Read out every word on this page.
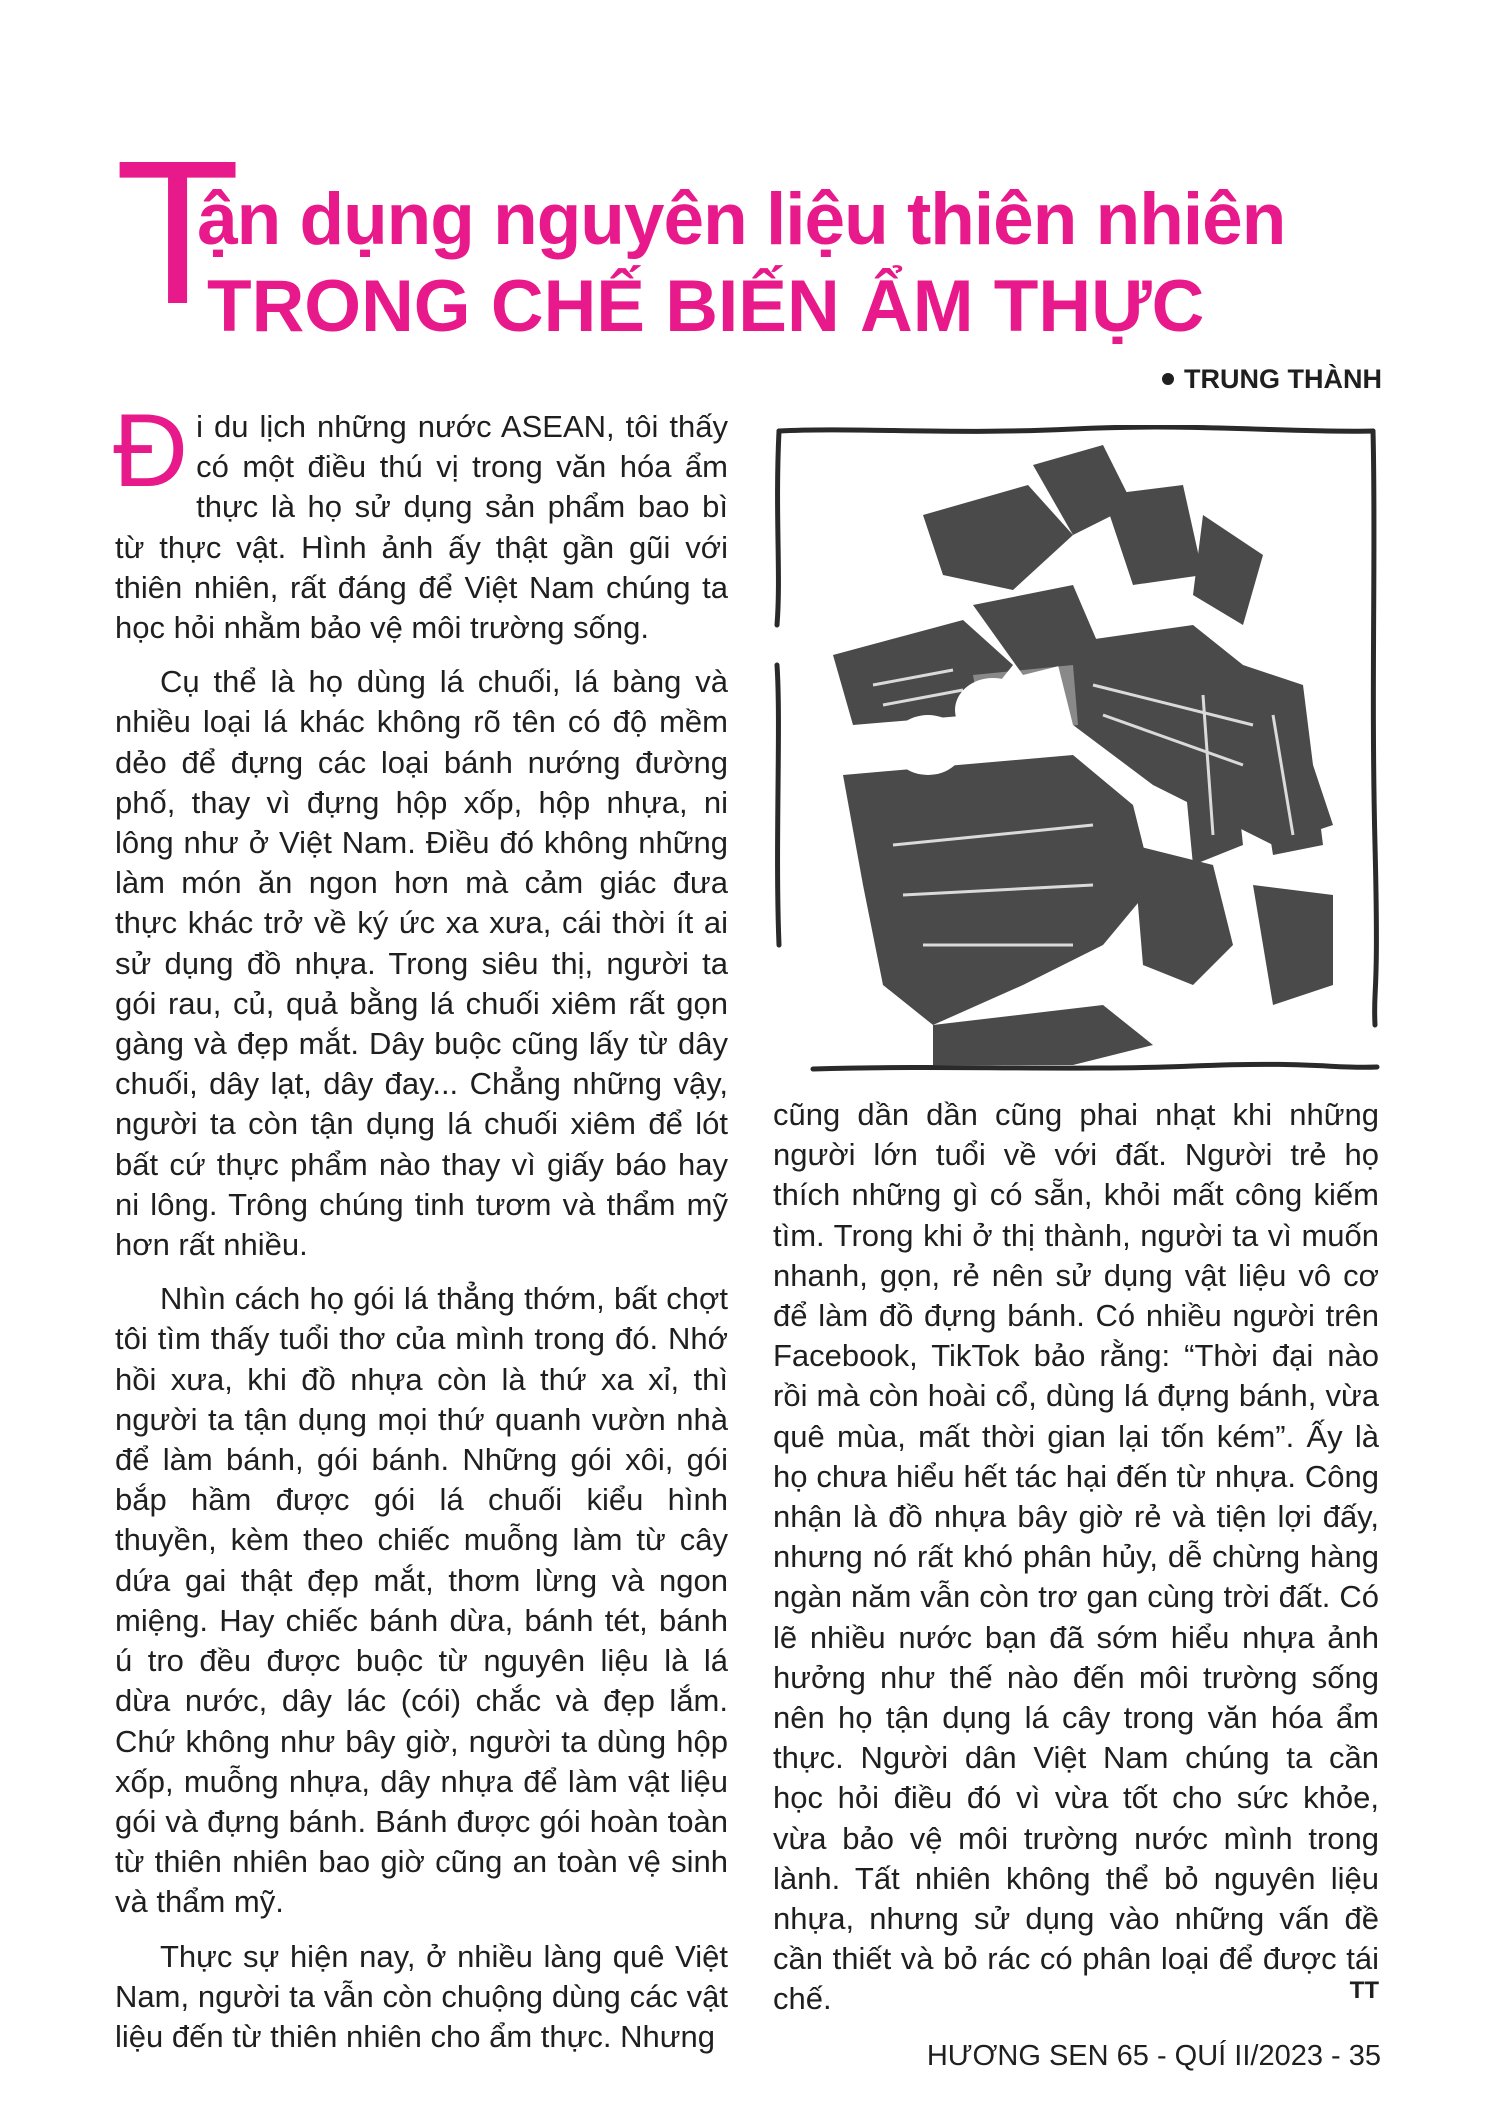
T
ận dụng nguyên liệu thiên nhiên
TRONG CHẾ BIẾN ẨM THỰC
TRUNG THÀNH

Đ i du lịch những nước ASEAN, tôi thấy có một điều thú vị trong văn hóa ẩm thực là họ sử dụng sản phẩm bao bì từ thực vật. Hình ảnh ấy thật gần gũi với thiên nhiên, rất đáng để Việt Nam chúng ta học hỏi nhằm bảo vệ môi trường sống.

Cụ thể là họ dùng lá chuối, lá bàng và nhiều loại lá khác không rõ tên có độ mềm dẻo để đựng các loại bánh nướng đường phố, thay vì đựng hộp xốp, hộp nhựa, ni lông như ở Việt Nam. Điều đó không những làm món ăn ngon hơn mà cảm giác đưa thực khác trở về ký ức xa xưa, cái thời ít ai sử dụng đồ nhựa. Trong siêu thị, người ta gói rau, củ, quả bằng lá chuối xiêm rất gọn gàng và đẹp mắt. Dây buộc cũng lấy từ dây chuối, dây lạt, dây đay... Chẳng những vậy, người ta còn tận dụng lá chuối xiêm để lót bất cứ thực phẩm nào thay vì giấy báo hay ni lông. Trông chúng tinh tươm và thẩm mỹ hơn rất nhiều.

Nhìn cách họ gói lá thẳng thớm, bất chợt tôi tìm thấy tuổi thơ của mình trong đó. Nhớ hồi xưa, khi đồ nhựa còn là thứ xa xỉ, thì người ta tận dụng mọi thứ quanh vườn nhà để làm bánh, gói bánh. Những gói xôi, gói bắp hầm được gói lá chuối kiểu hình thuyền, kèm theo chiếc muỗng làm từ cây dứa gai thật đẹp mắt, thơm lừng và ngon miệng. Hay chiếc bánh dừa, bánh tét, bánh ú tro đều được buộc từ nguyên liệu là lá dừa nước, dây lác (cói) chắc và đẹp lắm. Chứ không như bây giờ, người ta dùng hộp xốp, muỗng nhựa, dây nhựa để làm vật liệu gói và đựng bánh. Bánh được gói hoàn toàn từ thiên nhiên bao giờ cũng an toàn vệ sinh và thẩm mỹ.

Thực sự hiện nay, ở nhiều làng quê Việt Nam, người ta vẫn còn chuộng dùng các vật liệu đến từ thiên nhiên cho ẩm thực. Nhưng

cũng dần dần cũng phai nhạt khi những người lớn tuổi về với đất. Người trẻ họ thích những gì có sẵn, khỏi mất công kiếm tìm. Trong khi ở thị thành, người ta vì muốn nhanh, gọn, rẻ nên sử dụng vật liệu vô cơ để làm đồ đựng bánh. Có nhiều người trên Facebook, TikTok bảo rằng: “Thời đại nào rồi mà còn hoài cổ, dùng lá đựng bánh, vừa quê mùa, mất thời gian lại tốn kém”. Ấy là họ chưa hiểu hết tác hại đến từ nhựa. Công nhận là đồ nhựa bây giờ rẻ và tiện lợi đấy, nhưng nó rất khó phân hủy, dễ chừng hàng ngàn năm vẫn còn trơ gan cùng trời đất. Có lẽ nhiều nước bạn đã sớm hiểu nhựa ảnh hưởng như thế nào đến môi trường sống nên họ tận dụng lá cây trong văn hóa ẩm thực. Người dân Việt Nam chúng ta cần học hỏi điều đó vì vừa tốt cho sức khỏe, vừa bảo vệ môi trường nước mình trong lành. Tất nhiên không thể bỏ nguyên liệu nhựa, nhưng sử dụng vào những vấn đề cần thiết và bỏ rác có phân loại để được tái chế.	TT
HƯƠNG SEN 65 - QUÍ II/2023 - 35
